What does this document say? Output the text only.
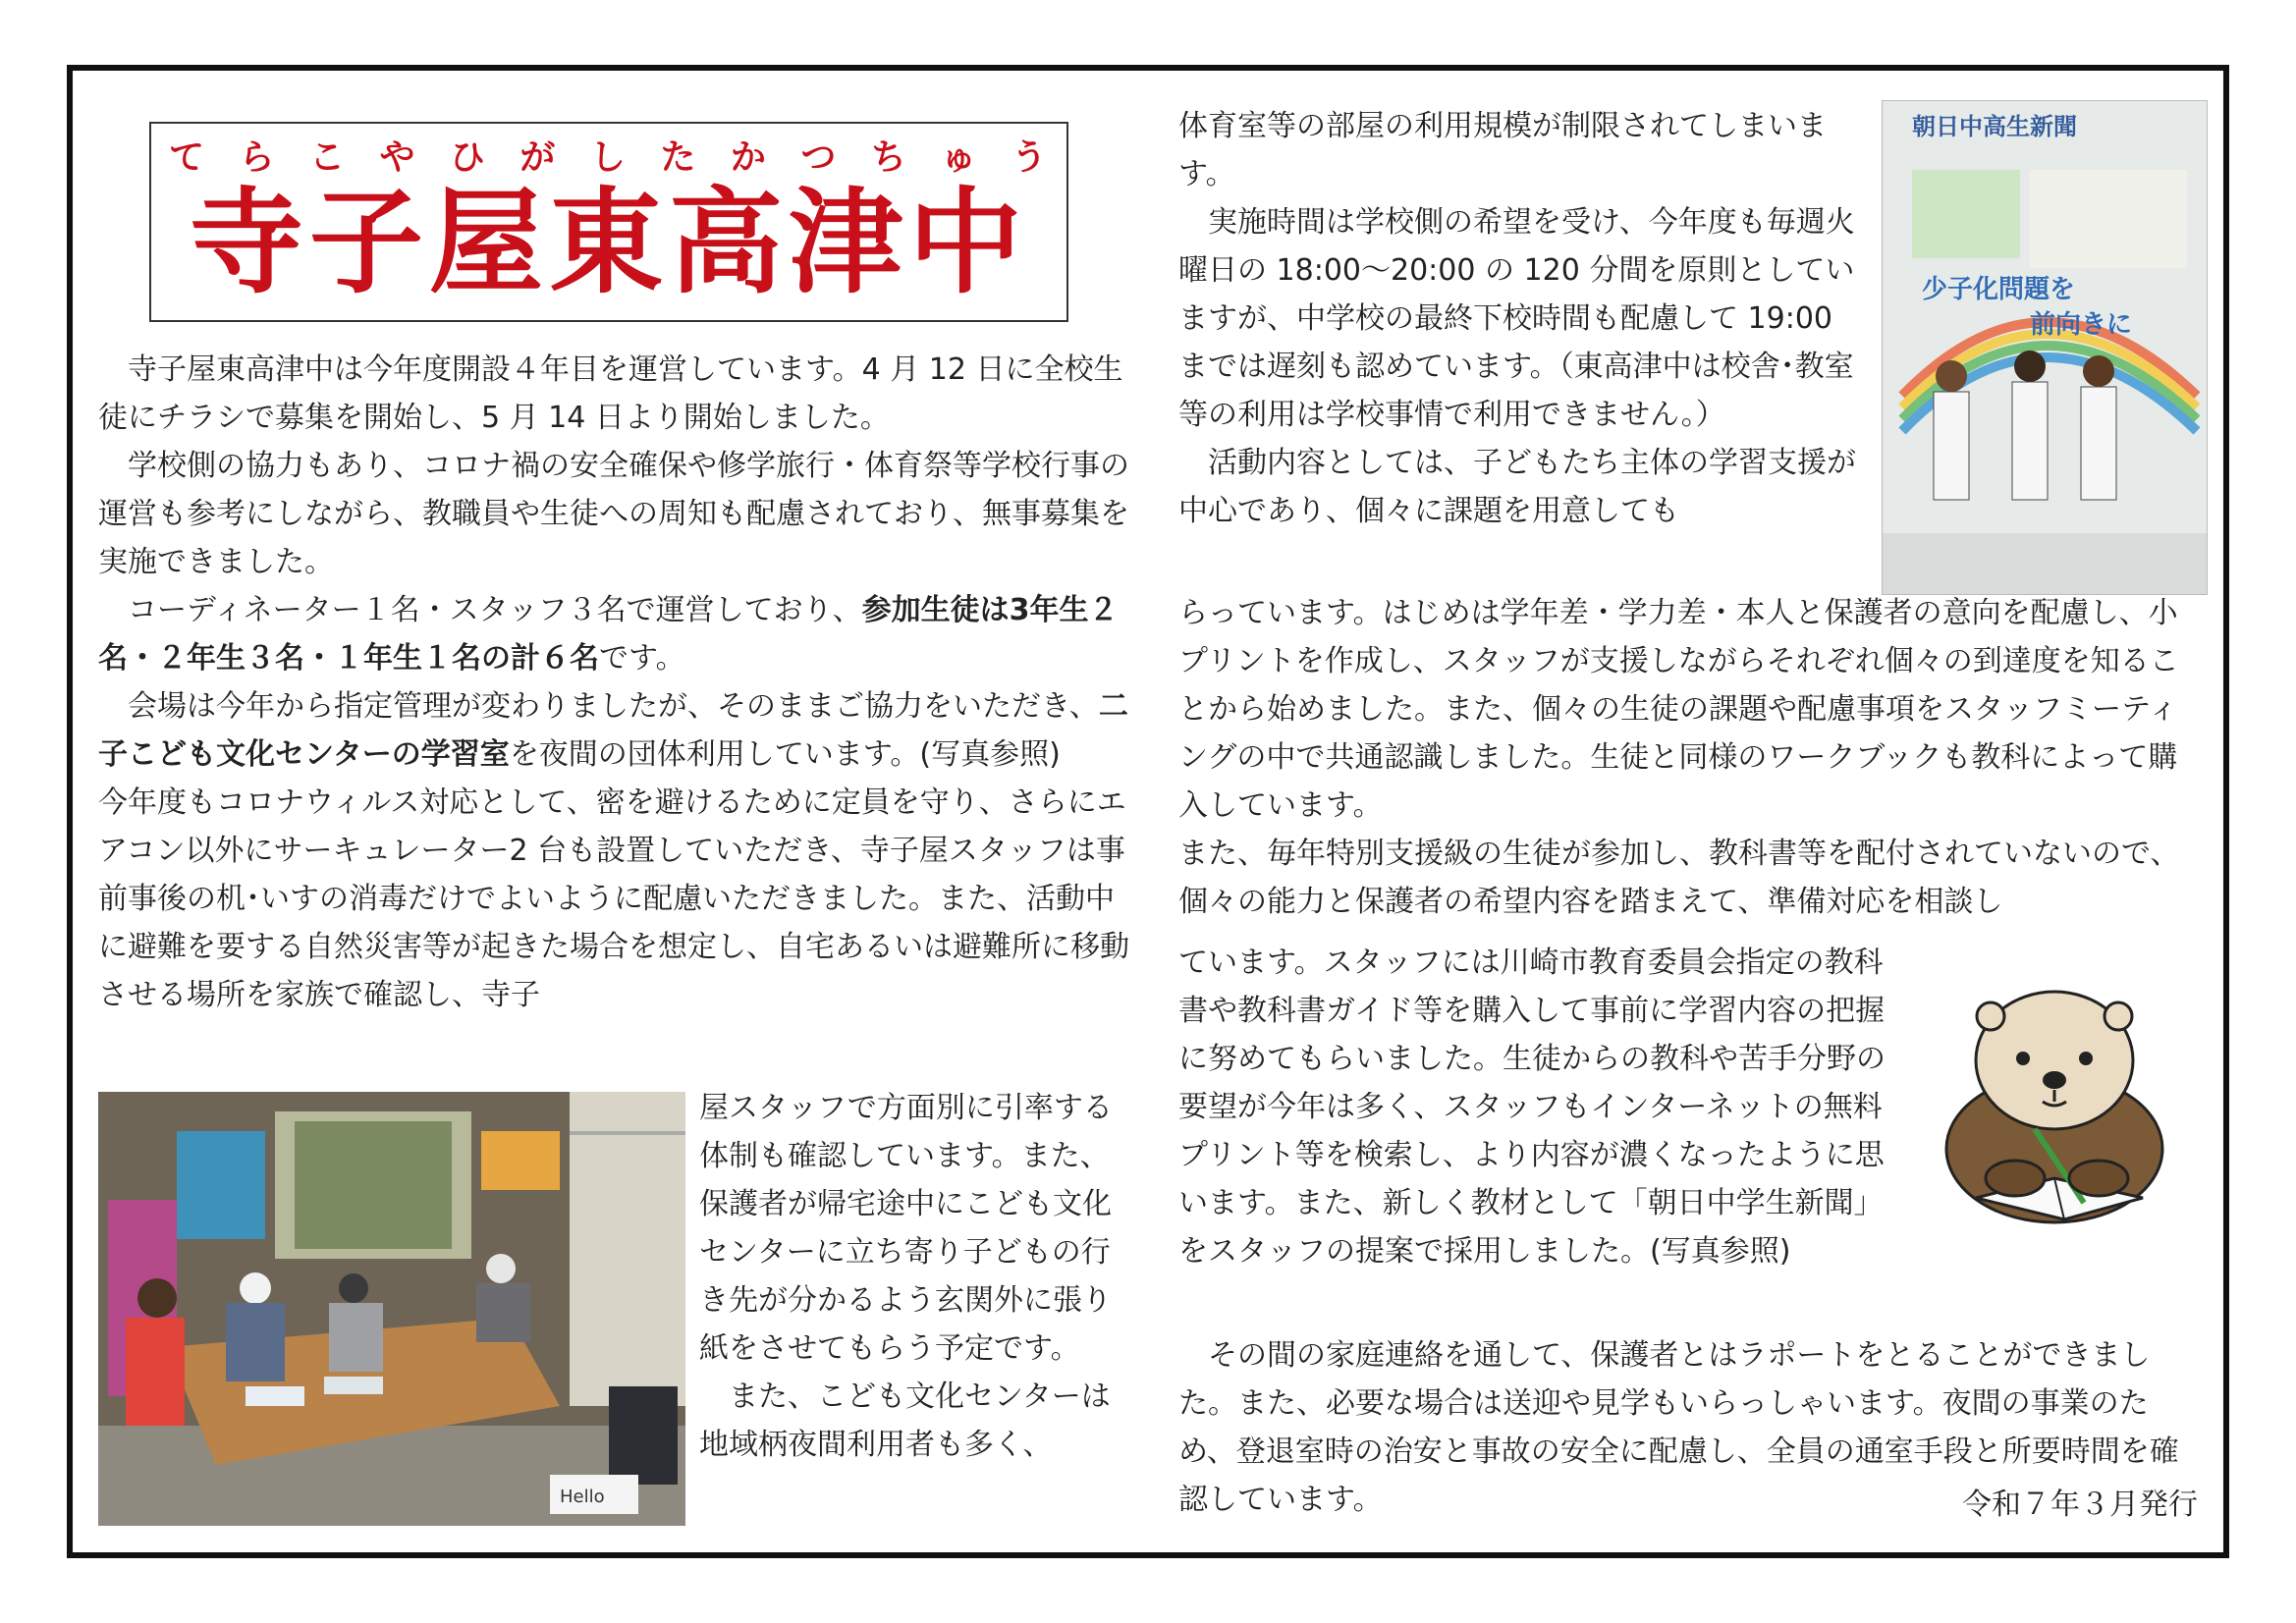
て ら こ や ひ が し た か つ ち ゅ う
寺子屋東高津中

寺子屋東高津中は今年度開設４年目を運営しています。4 月 12 日に全校生徒にチラシで募集を開始し、5 月 14 日より開始しました。

学校側の協力もあり、コロナ禍の安全確保や修学旅行・体育祭等学校行事の運営も参考にしながら、教職員や生徒への周知も配慮されており、無事募集を実施できました。

コーディネーター１名・スタッフ３名で運営しており、参加生徒は3年生２名・２年生３名・１年生１名の計６名です。

会場は今年から指定管理が変わりましたが、そのままご協力をいただき、二子こども文化センターの学習室を夜間の団体利用しています。(写真参照)

今年度もコロナウィルス対応として、密を避けるために定員を守り、さらにエアコン以外にサーキュレーター2 台も設置していただき、寺子屋スタッフは事前事後の机･いすの消毒だけでよいように配慮いただきました。また、活動中に避難を要する自然災害等が起きた場合を想定し、自宅あるいは避難所に移動させる場所を家族で確認し、寺子

Hello

屋スタッフで方面別に引率する体制も確認しています。また、保護者が帰宅途中にこども文化センターに立ち寄り子どもの行き先が分かるよう玄関外に張り紙をさせてもらう予定です。

また、こども文化センターは地域柄夜間利用者も多く、

朝日中高生新聞
少子化問題を
前向きに

体育室等の部屋の利用規模が制限されてしまいます。

実施時間は学校側の希望を受け、今年度も毎週火曜日の 18:00～20:00 の 120 分間を原則としていますが、中学校の最終下校時間も配慮して 19:00 までは遅刻も認めています。（東高津中は校舎･教室等の利用は学校事情で利用できません。）

活動内容としては、子どもたち主体の学習支援が中心であり、個々に課題を用意しても

らっています。はじめは学年差・学力差・本人と保護者の意向を配慮し、小プリントを作成し、スタッフが支援しながらそれぞれ個々の到達度を知ることから始めました。また、個々の生徒の課題や配慮事項をスタッフミーティングの中で共通認識しました。生徒と同様のワークブックも教科によって購入しています。

また、毎年特別支援級の生徒が参加し、教科書等を配付されていないので、個々の能力と保護者の希望内容を踏まえて、準備対応を相談し

ています。スタッフには川崎市教育委員会指定の教科書や教科書ガイド等を購入して事前に学習内容の把握に努めてもらいました。生徒からの教科や苦手分野の要望が今年は多く、スタッフもインターネットの無料プリント等を検索し、より内容が濃くなったように思います。また、新しく教材として「朝日中学生新聞」をスタッフの提案で採用しました。(写真参照)

その間の家庭連絡を通して、保護者とはラポートをとることができました。また、必要な場合は送迎や見学もいらっしゃいます。夜間の事業のため、登退室時の治安と事故の安全に配慮し、全員の通室手段と所要時間を確認しています。	令和７年３月発行
